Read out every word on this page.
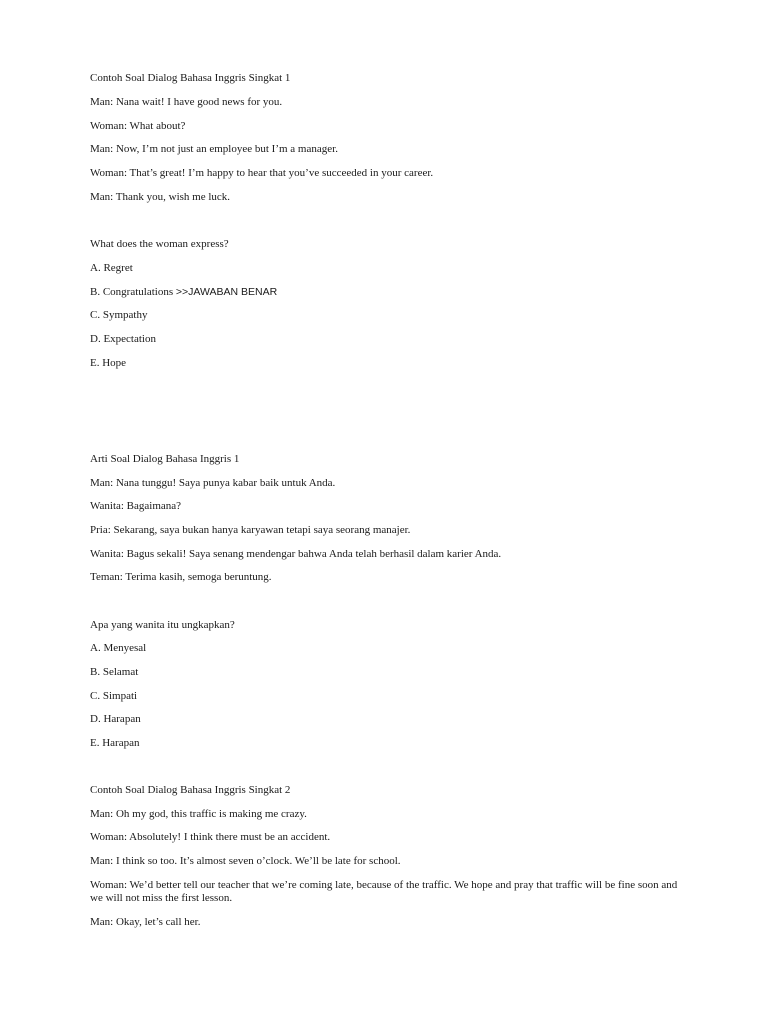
Contoh Soal Dialog Bahasa Inggris Singkat 1
Man: Nana wait! I have good news for you.
Woman: What about?
Man: Now, I’m not just an employee but I’m a manager.
Woman: That’s great! I’m happy to hear that you’ve succeeded in your career.
Man: Thank you, wish me luck.
What does the woman express?
A. Regret
B. Congratulations >>JAWABAN BENAR
C. Sympathy
D. Expectation
E. Hope
Arti Soal Dialog Bahasa Inggris 1
Man: Nana tunggu! Saya punya kabar baik untuk Anda.
Wanita: Bagaimana?
Pria: Sekarang, saya bukan hanya karyawan tetapi saya seorang manajer.
Wanita: Bagus sekali! Saya senang mendengar bahwa Anda telah berhasil dalam karier Anda.
Teman: Terima kasih, semoga beruntung.
Apa yang wanita itu ungkapkan?
A. Menyesal
B. Selamat
C. Simpati
D. Harapan
E. Harapan
Contoh Soal Dialog Bahasa Inggris Singkat 2
Man: Oh my god, this traffic is making me crazy.
Woman: Absolutely! I think there must be an accident.
Man: I think so too. It’s almost seven o’clock. We’ll be late for school.
Woman: We’d better tell our teacher that we’re coming late, because of the traffic. We hope and pray that traffic will be fine soon and we will not miss the first lesson.
Man: Okay, let’s call her.
